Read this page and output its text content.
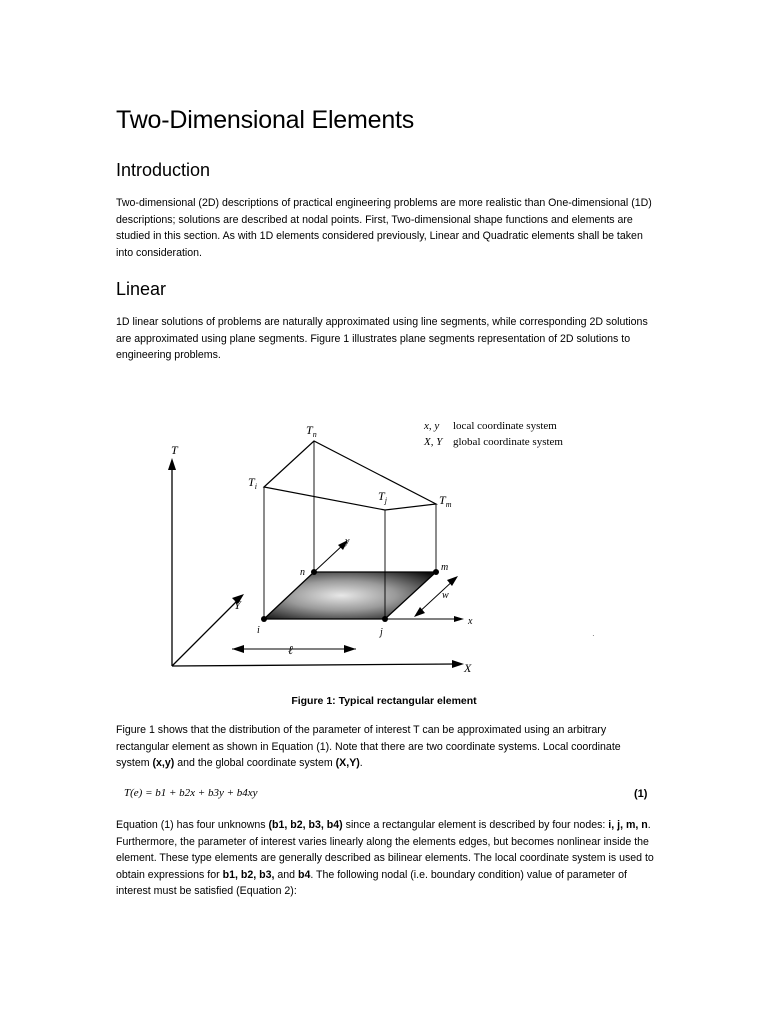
Two-Dimensional Elements
Introduction

Two-dimensional (2D) descriptions of practical engineering problems are more realistic than One-dimensional (1D) descriptions; solutions are described at nodal points. First, Two-dimensional shape functions and elements are studied in this section. As with 1D elements considered previously, Linear and Quadratic elements shall be taken into consideration.

Linear

1D linear solutions of problems are naturally approximated using line segments, while corresponding 2D solutions are approximated using plane segments. Figure 1 illustrates plane segments representation of 2D solutions to engineering problems.

T
X
Y
$T_i$
$T_n$
$T_j$	$T_m$
i	j
m
n
x
y
w
ℓ
x, y
X, Y
local coordinate system
global coordinate system
·
Figure 1: Typical rectangular element

Figure 1 shows that the distribution of the parameter of interest T can be approximated using an arbitrary rectangular element as shown in Equation (1). Note that there are two coordinate systems. Local coordinate system (x,y) and the global coordinate system (X,Y).

T(e) = b1 + b2x + b3y + b4xy	(1)

Equation (1) has four unknowns (b1, b2, b3, b4) since a rectangular element is described by four nodes: i, j, m, n. Furthermore, the parameter of interest varies linearly along the elements edges, but becomes nonlinear inside the element. These type elements are generally described as bilinear elements. The local coordinate system is used to obtain expressions for b1, b2, b3, and b4. The following nodal (i.e. boundary condition) value of parameter of interest must be satisfied (Equation 2):
